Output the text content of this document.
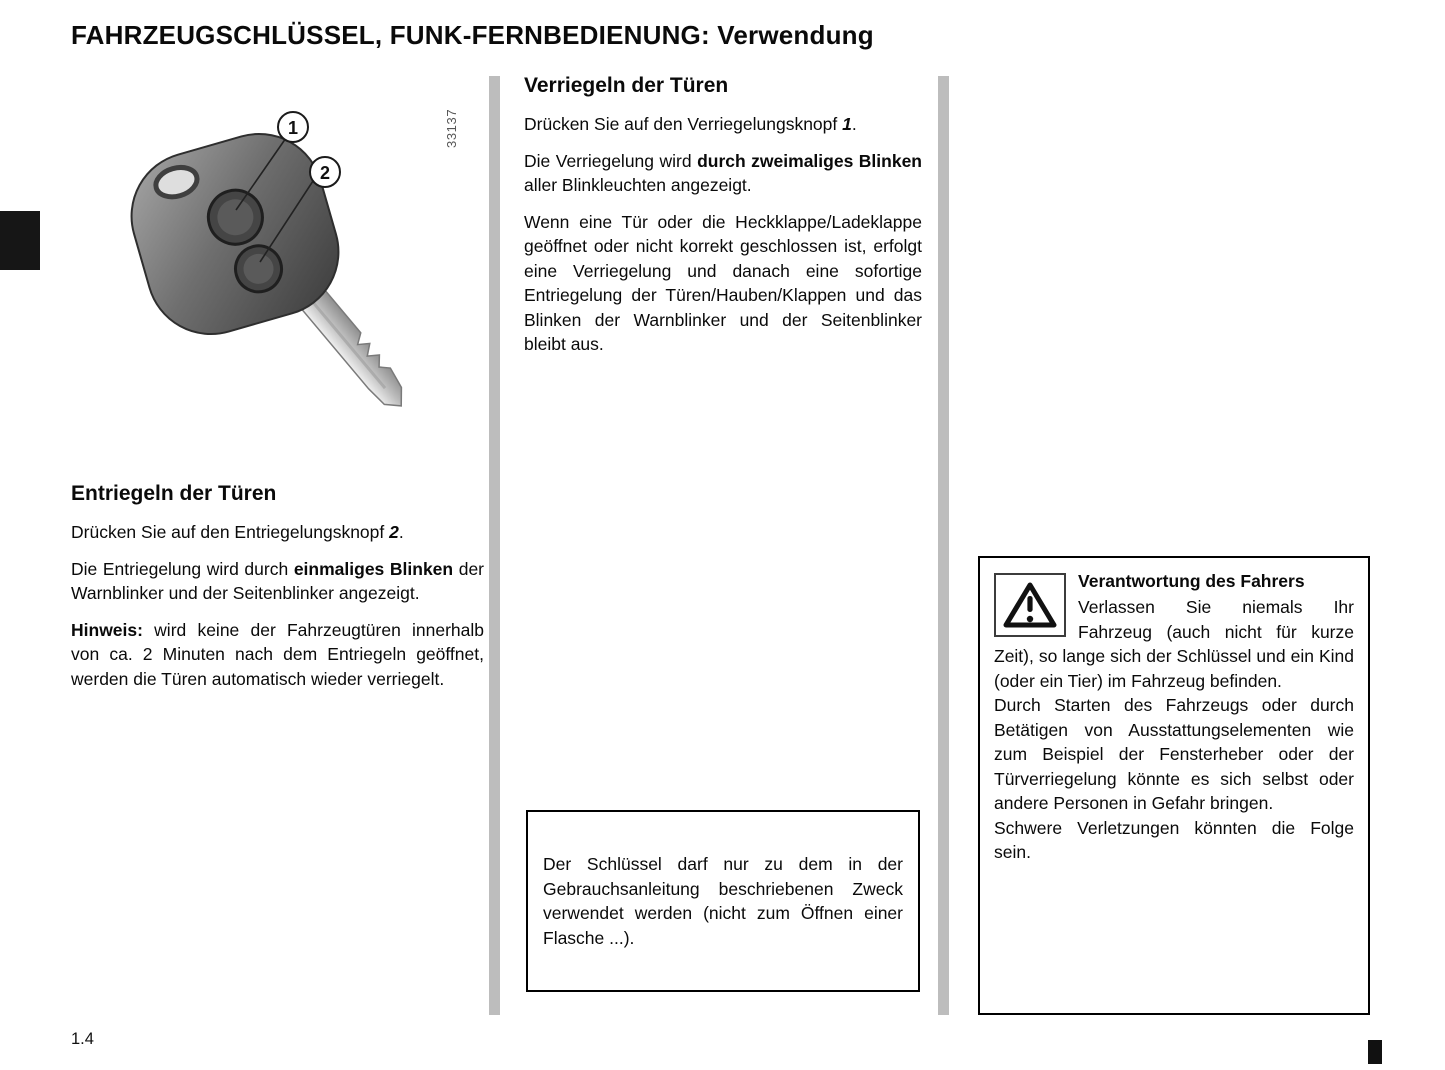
FAHRZEUGSCHLÜSSEL, FUNK-FERNBEDIENUNG: Verwendung
33137
1
2
Entriegeln der Türen

Drücken Sie auf den Entriegelungsknopf 2.

Die Entriegelung wird durch einmaliges Blinken der Warnblinker und der Seitenblinker angezeigt.

Hinweis: wird keine der Fahrzeugtüren innerhalb von ca. 2 Minuten nach dem Entriegeln geöffnet, werden die Türen automatisch wieder verriegelt.

Verriegeln der Türen

Drücken Sie auf den Verriegelungsknopf 1.

Die Verriegelung wird durch zweimaliges Blinken aller Blinkleuchten angezeigt.

Wenn eine Tür oder die Heckklappe/Ladeklappe geöffnet oder nicht korrekt geschlossen ist, erfolgt eine Verriegelung und danach eine sofortige Entriegelung der Türen/Hauben/Klappen und das Blinken der Warnblinker und der Seitenblinker bleibt aus.

Der Schlüssel darf nur zu dem in der Gebrauchsanleitung beschriebenen Zweck verwendet werden (nicht zum Öffnen einer Flasche ...).

Verantwortung des Fahrers

Verlassen Sie niemals Ihr Fahrzeug (auch nicht für kurze Zeit), so lange sich der Schlüssel und ein Kind (oder ein Tier) im Fahrzeug befinden.

Durch Starten des Fahrzeugs oder durch Betätigen von Ausstattungselementen wie zum Beispiel der Fensterheber oder der Türverriegelung könnte es sich selbst oder andere Personen in Gefahr bringen.

Schwere Verletzungen könnten die Folge sein.

1.4
